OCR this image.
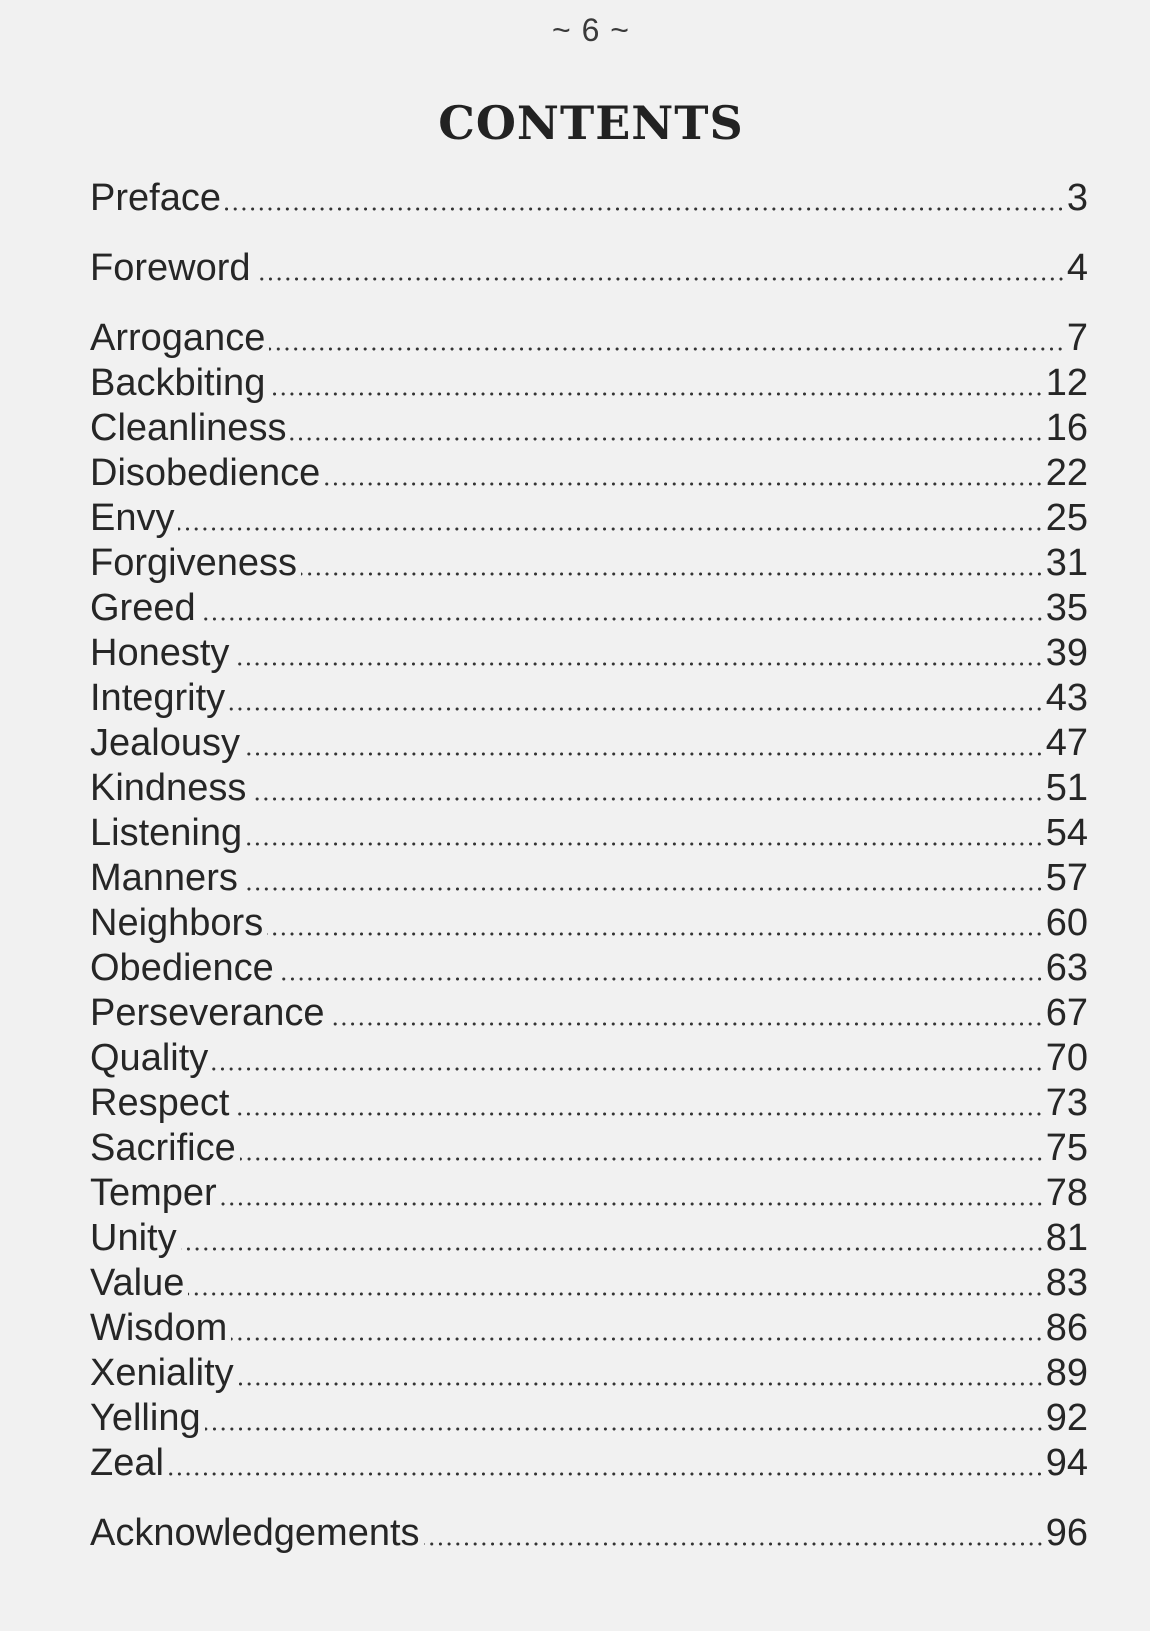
~ 6 ~
CONTENTS
Preface	3
Foreword	4
Arrogance	7
Backbiting	12
Cleanliness	16
Disobedience	22
Envy	25
Forgiveness	31
Greed	35
Honesty	39
Integrity	43
Jealousy	47
Kindness	51
Listening	54
Manners	57
Neighbors	60
Obedience	63
Perseverance	67
Quality	70
Respect	73
Sacrifice	75
Temper	78
Unity	81
Value	83
Wisdom	86
Xeniality	89
Yelling	92
Zeal	94
Acknowledgements	96
